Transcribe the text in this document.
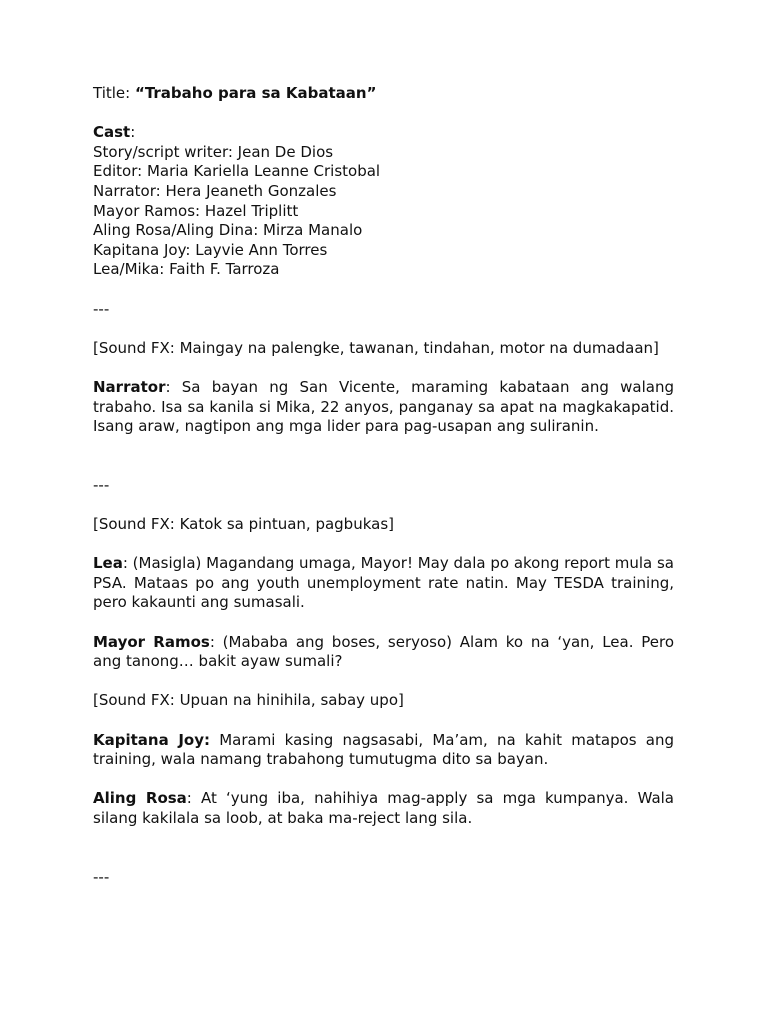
Title: “Trabaho para sa Kabataan”

Cast:

Story/script writer: Jean De Dios

Editor: Maria Kariella Leanne Cristobal

Narrator: Hera Jeaneth Gonzales

Mayor Ramos: Hazel Triplitt

Aling Rosa/Aling Dina: Mirza Manalo

Kapitana Joy: Layvie Ann Torres

Lea/Mika: Faith F. Tarroza

---

[Sound FX: Maingay na palengke, tawanan, tindahan, motor na dumadaan]

Narrator: Sa bayan ng San Vicente, maraming kabataan ang walang trabaho. Isa sa kanila si Mika, 22 anyos, panganay sa apat na magkakapatid. Isang araw, nagtipon ang mga lider para pag-usapan ang suliranin.

---

[Sound FX: Katok sa pintuan, pagbukas]

Lea: (Masigla) Magandang umaga, Mayor! May dala po akong report mula sa PSA. Mataas po ang youth unemployment rate natin. May TESDA training, pero kakaunti ang sumasali.

Mayor Ramos: (Mababa ang boses, seryoso) Alam ko na ‘yan, Lea. Pero ang tanong… bakit ayaw sumali?

[Sound FX: Upuan na hinihila, sabay upo]

Kapitana Joy: Marami kasing nagsasabi, Ma’am, na kahit matapos ang training, wala namang trabahong tumutugma dito sa bayan.

Aling Rosa: At ‘yung iba, nahihiya mag-apply sa mga kumpanya. Wala silang kakilala sa loob, at baka ma-reject lang sila.

---
